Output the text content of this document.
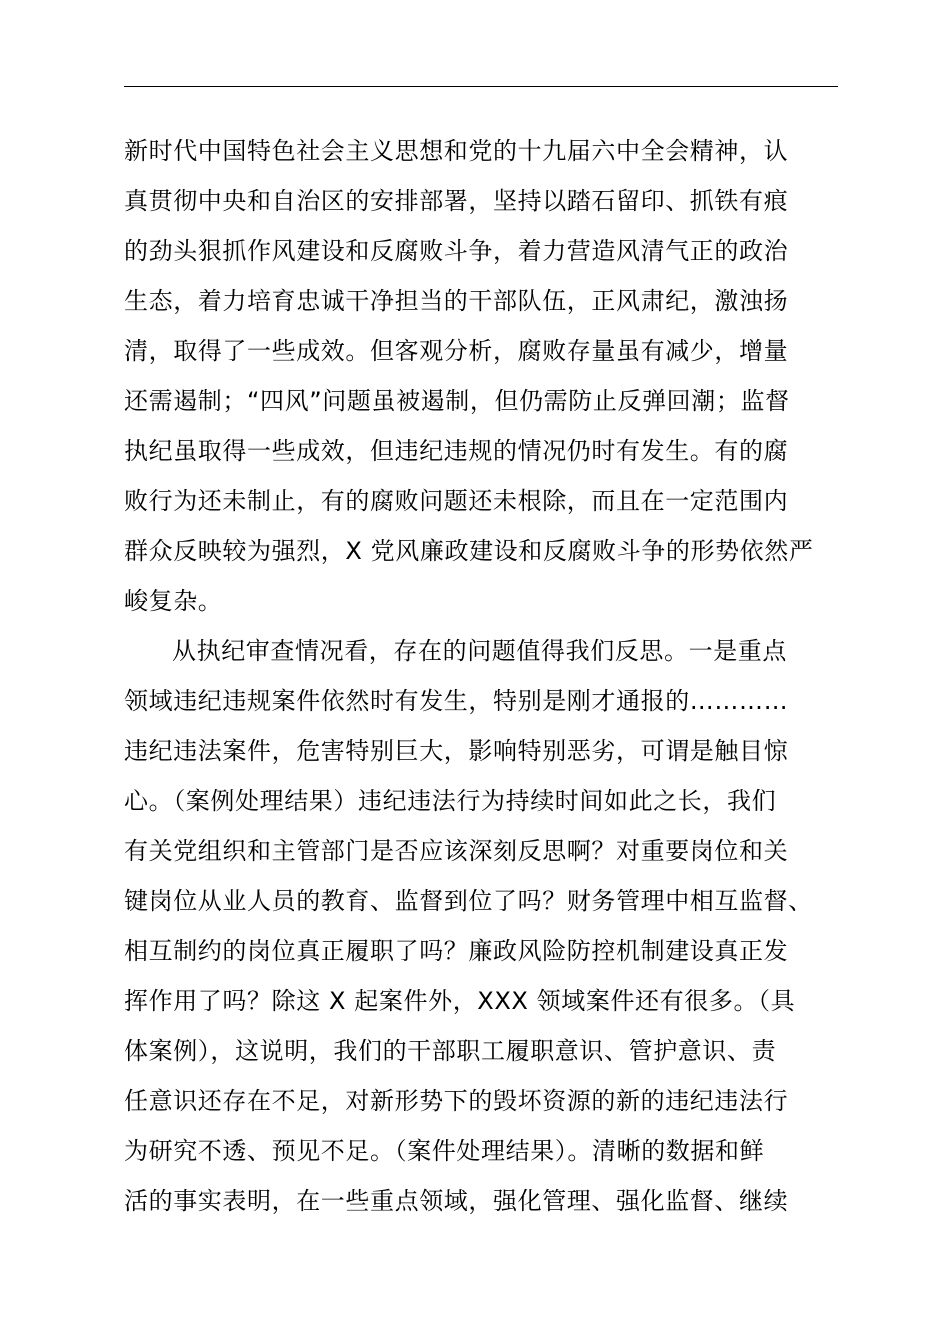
新时代中国特色社会主义思想和党的十九届六中全会精神，认
真贯彻中央和自治区的安排部署，坚持以踏石留印、抓铁有痕
的劲头狠抓作风建设和反腐败斗争，着力营造风清气正的政治
生态，着力培育忠诚干净担当的干部队伍，正风肃纪，激浊扬
清，取得了一些成效。但客观分析，腐败存量虽有减少，增量
还需遏制；“四风”问题虽被遏制，但仍需防止反弹回潮；监督
执纪虽取得一些成效，但违纪违规的情况仍时有发生。有的腐
败行为还未制止，有的腐败问题还未根除，而且在一定范围内
群众反映较为强烈，X 党风廉政建设和反腐败斗争的形势依然严
峻复杂。
从执纪审查情况看，存在的问题值得我们反思。一是重点
领域违纪违规案件依然时有发生，特别是刚才通报的…………
违纪违法案件，危害特别巨大，影响特别恶劣，可谓是触目惊
心。（案例处理结果）违纪违法行为持续时间如此之长，我们
有关党组织和主管部门是否应该深刻反思啊？对重要岗位和关
键岗位从业人员的教育、监督到位了吗？财务管理中相互监督、
相互制约的岗位真正履职了吗？廉政风险防控机制建设真正发
挥作用了吗？除这 X 起案件外，XXX 领域案件还有很多。（具
体案例），这说明，我们的干部职工履职意识、管护意识、责
任意识还存在不足，对新形势下的毁坏资源的新的违纪违法行
为研究不透、预见不足。（案件处理结果）。清晰的数据和鲜
活的事实表明，在一些重点领域，强化管理、强化监督、继续
